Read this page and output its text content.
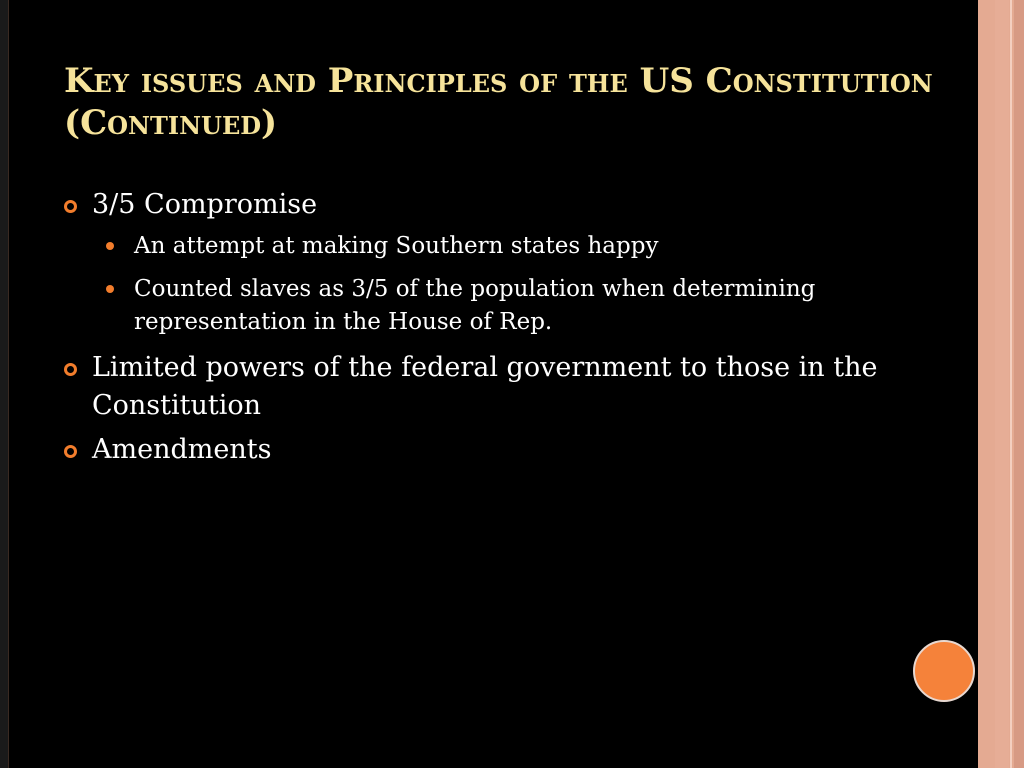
Key issues and Principles of the US Constitution (Continued)
3/5 Compromise
An attempt at making Southern states happy
Counted slaves as 3/5 of the population when determining representation in the House of Rep.
Limited powers of the federal government to those in the Constitution
Amendments
